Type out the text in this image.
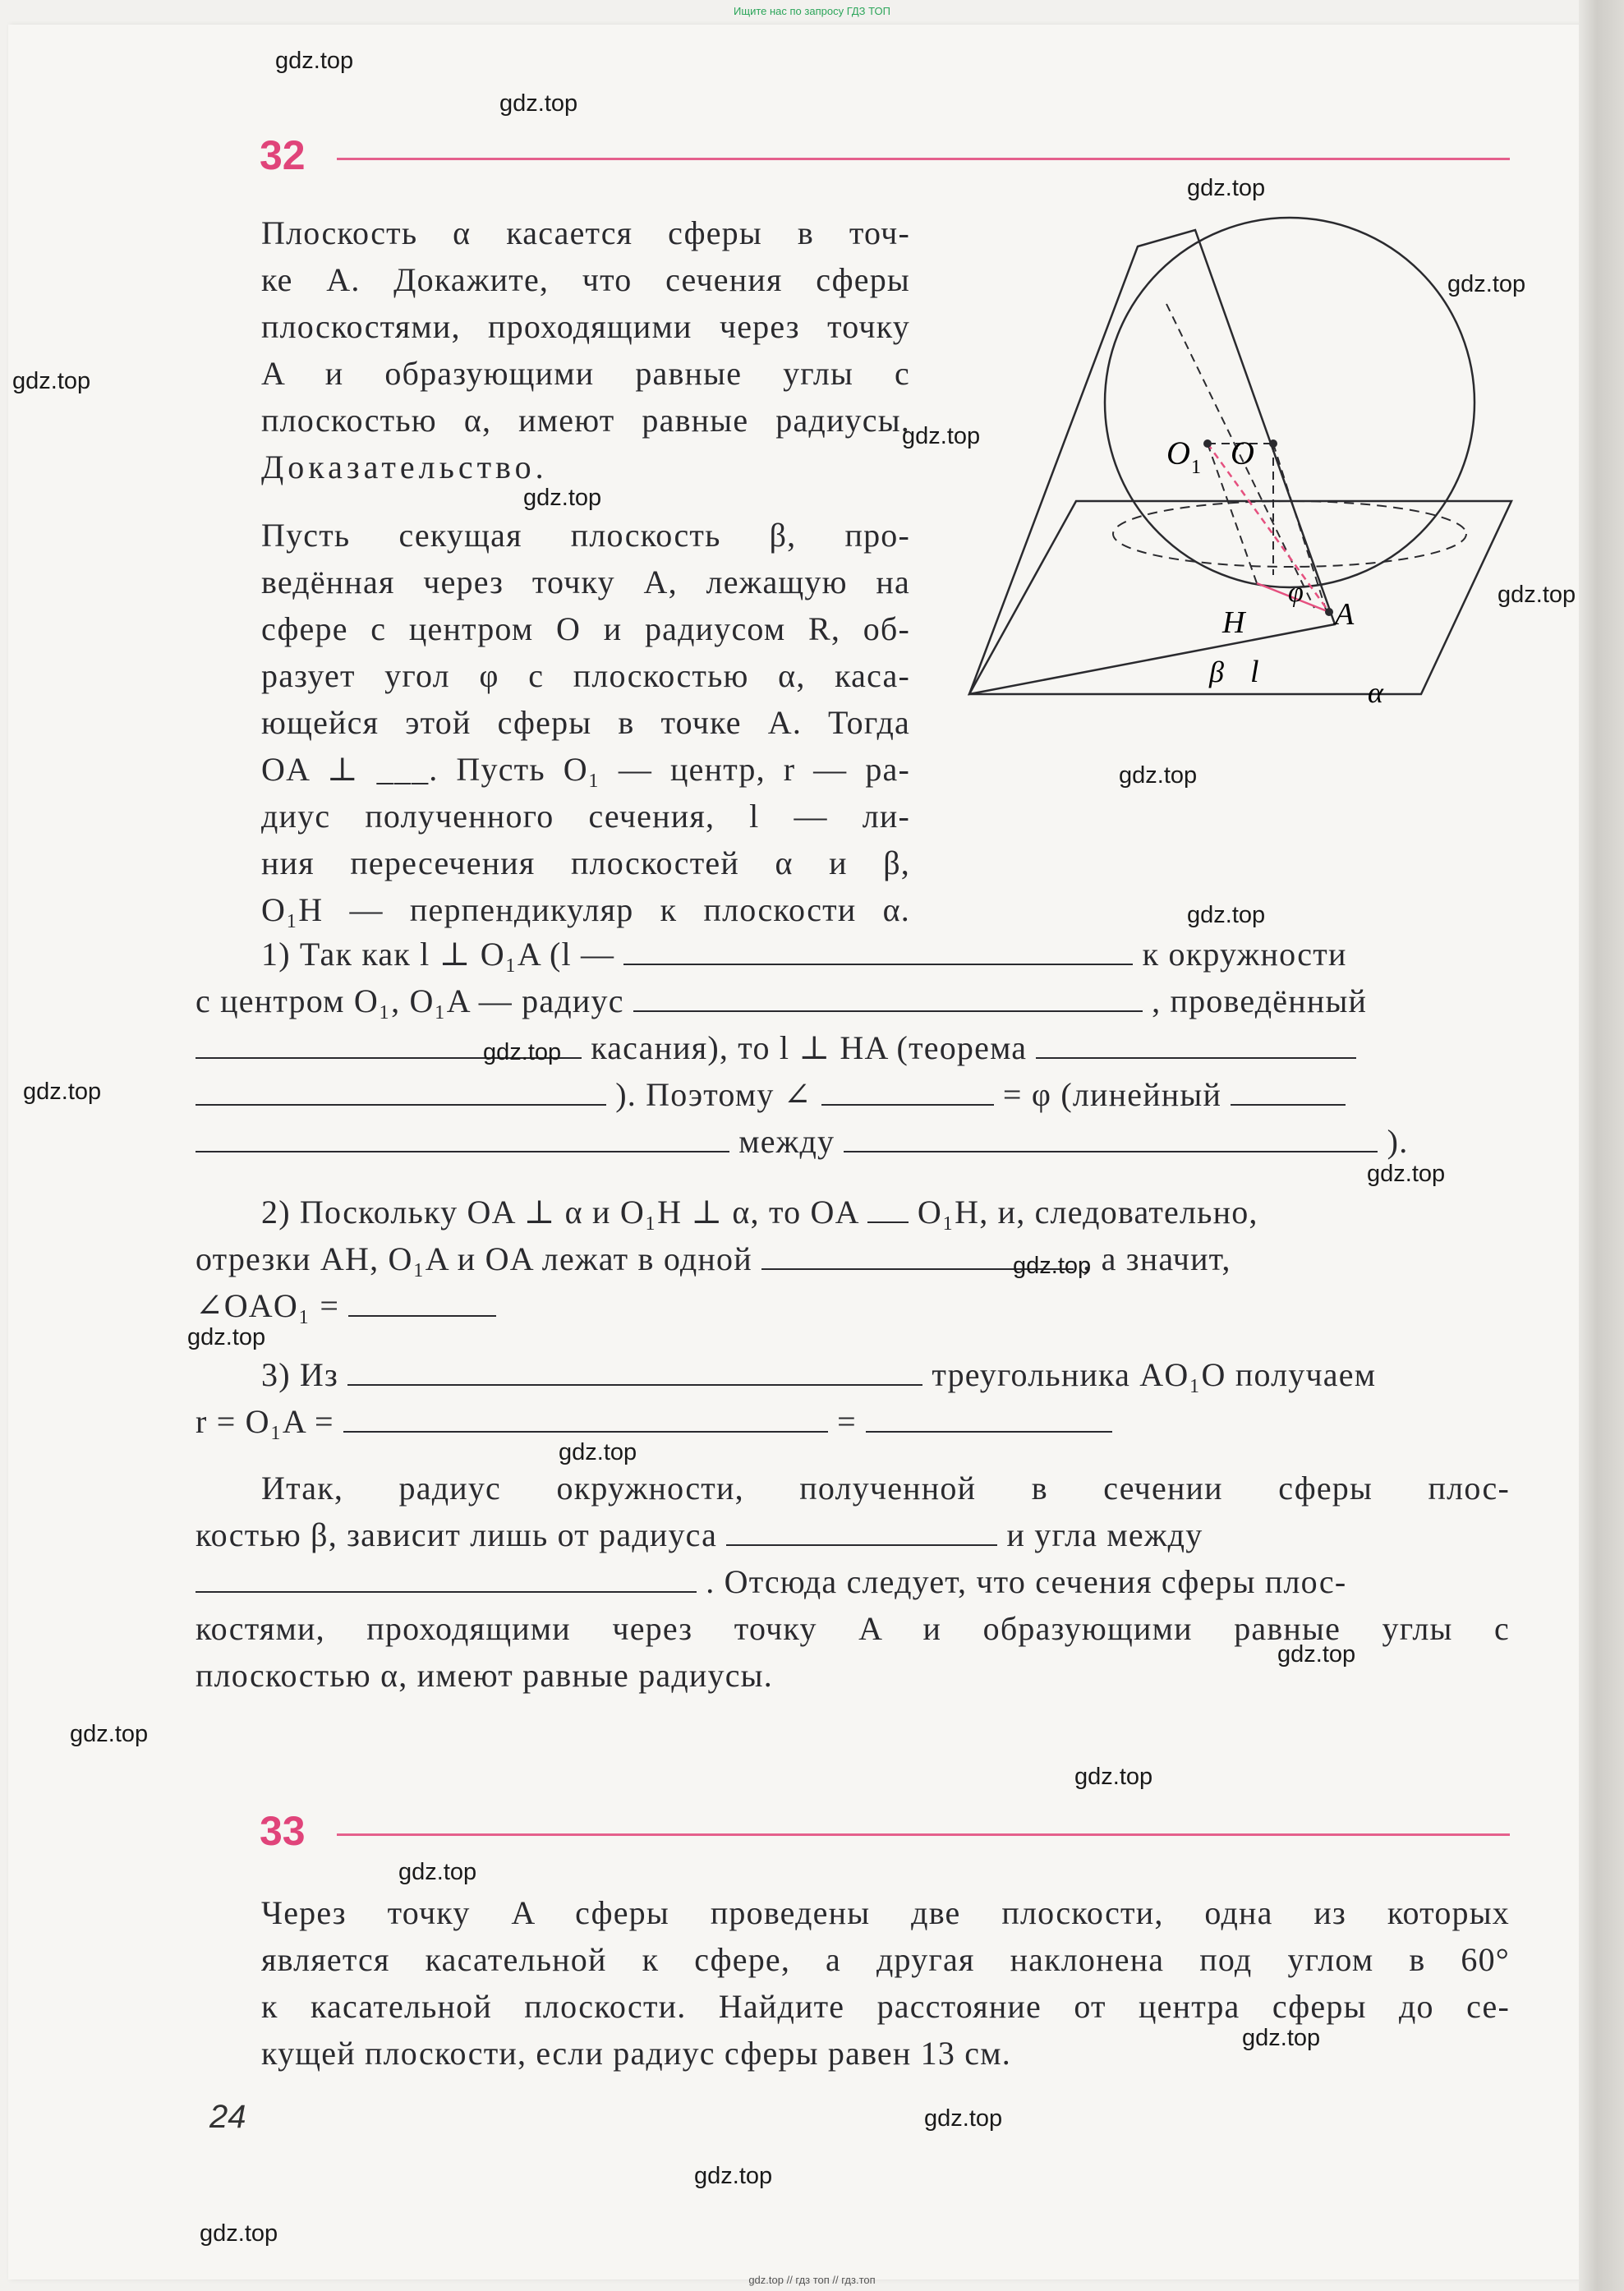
Ищите нас по запросу ГДЗ ТОП
32
Плоскость α касается сферы в точ-
ке A. Докажите, что сечения сферы
плоскостями, проходящими через точку
A и образующими равные углы с
плоскостью α, имеют равные радиусы.
Доказательство.
Пусть секущая плоскость β, про-
ведённая через точку A, лежащую на
сфере с центром O и радиусом R, об-
разует угол φ с плоскостью α, каса-
ющейся этой сферы в точке A. Тогда
OA ⊥ ___. Пусть O₁ — центр, r — ра-
диус полученного сечения, l — ли-
ния пересечения плоскостей α и β,
O₁H — перпендикуляр к плоскости α.
O
O 1
H	A
φ
β l
α
1) Так как l ⊥ O₁A (l —	к окружности
с центром O₁, O₁A — радиус	, проведённый
касания), то l ⊥ HA (теорема
). Поэтому ∠	= φ (линейный
между	).
2) Поскольку OA ⊥ α и O₁H ⊥ α, то OA O₁H, и, следовательно,
отрезки AH, O₁A и OA лежат в одной	, а значит,
∠OAO₁ =
3) Из	треугольника AO₁O получаем
r = O₁A =	=
Итак, радиус окружности, полученной в сечении сферы плос-
костью β, зависит лишь от радиуса	и угла между
. Отсюда следует, что сечения сферы плос-
костями, проходящими через точку A и образующими равные углы с
плоскостью α, имеют равные радиусы.
33
Через точку A сферы проведены две плоскости, одна из которых
является касательной к сфере, а другая наклонена под углом в 60°
к касательной плоскости. Найдите расстояние от центра сферы до се-
кущей плоскости, если радиус сферы равен 13 см.
24
gdz.top
gdz.top
gdz.top
gdz.top
gdz.top
gdz.top
gdz.top
gdz.top
gdz.top
gdz.top
gdz.top
gdz.top
gdz.top
gdz.top
gdz.top
gdz.top
gdz.top
gdz.top
gdz.top
gdz.top
gdz.top
gdz.top
gdz.top
gdz.top
gdz.top // гдз топ // гдз.топ
